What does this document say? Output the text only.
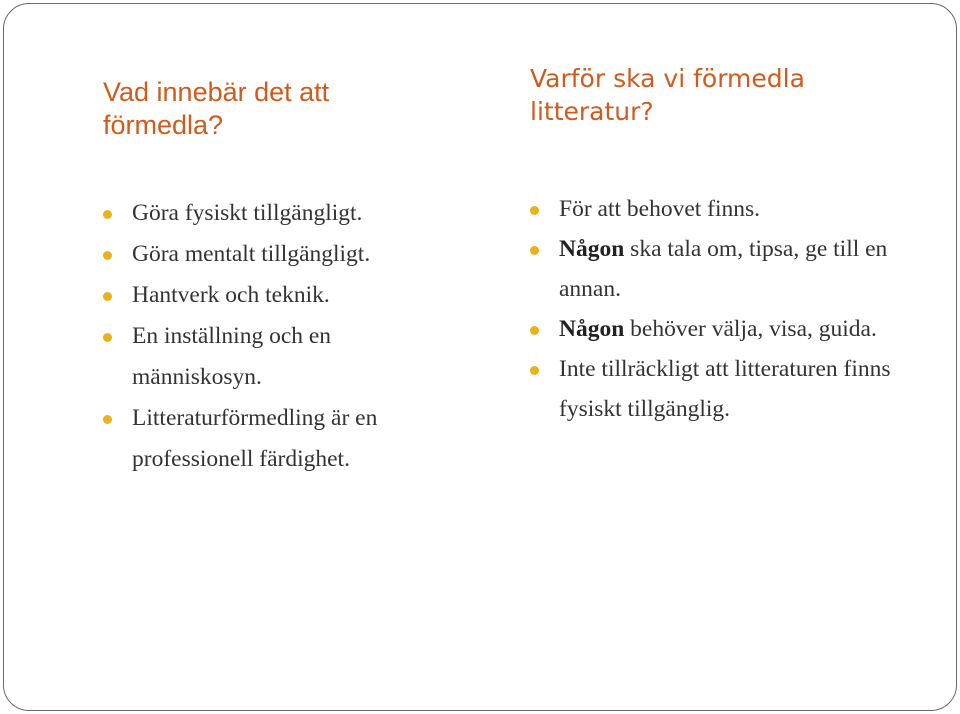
Vad innebär det att förmedla?
Göra fysiskt tillgängligt.
Göra mentalt tillgängligt.
Hantverk och teknik.
En inställning och en människosyn.
Litteraturförmedling är en professionell färdighet.
Varför ska vi förmedla litteratur?
För att behovet finns.
Någon ska tala om, tipsa, ge till en annan.
Någon behöver välja, visa, guida.
Inte tillräckligt att litteraturen finns fysiskt tillgänglig.
